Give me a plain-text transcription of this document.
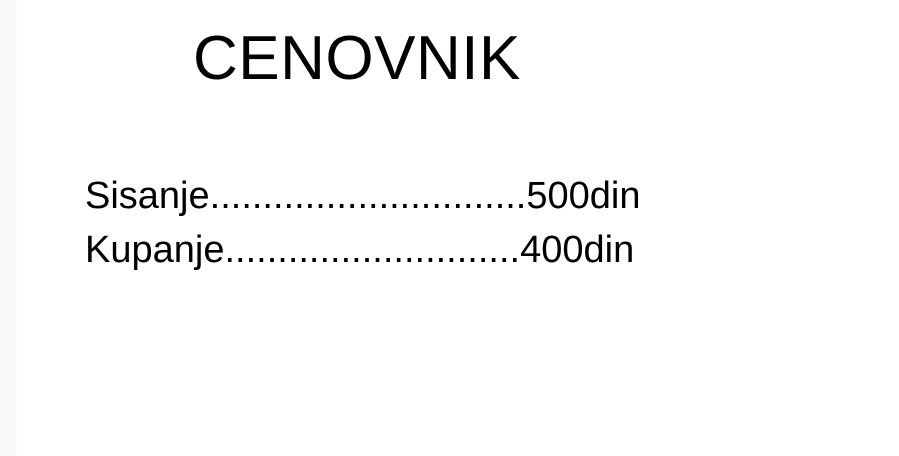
CENOVNIK
Sisanje..............................500din
Kupanje............................400din
